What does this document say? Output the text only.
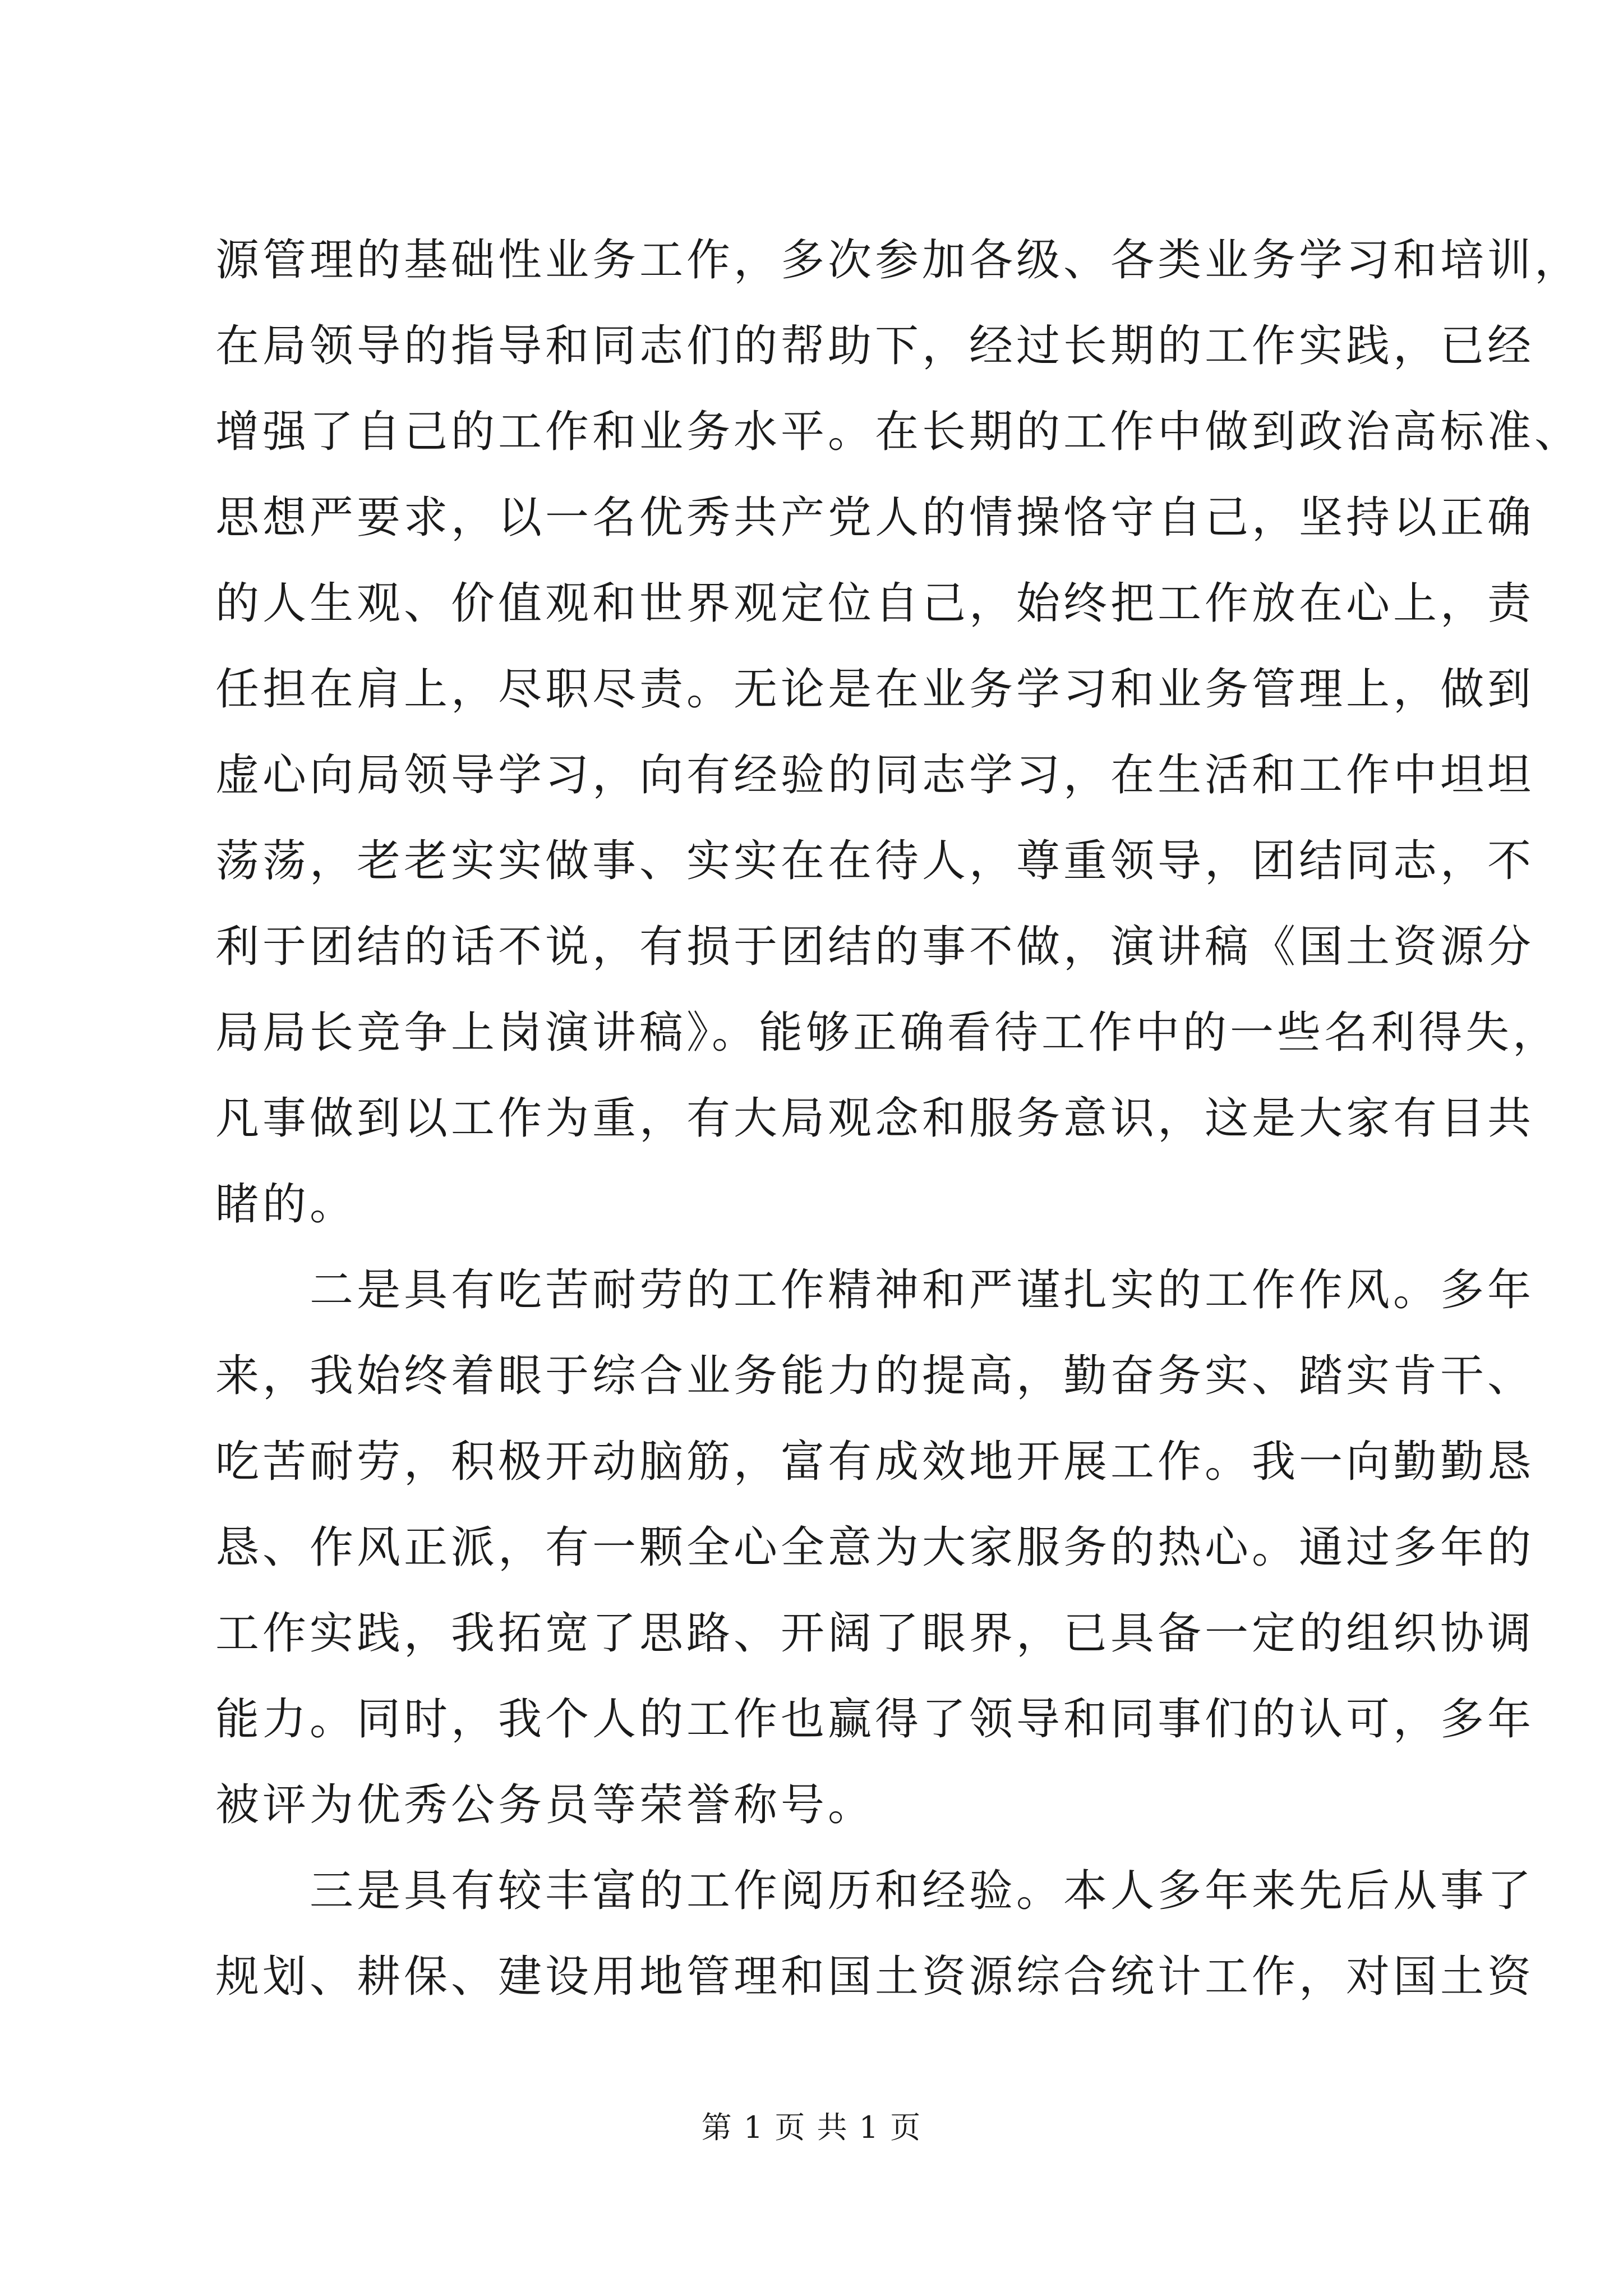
源管理的基础性业务工作，多次参加各级、各类业务学习和培训，
在局领导的指导和同志们的帮助下，经过长期的工作实践，已经
增强了自己的工作和业务水平。在长期的工作中做到政治高标准、
思想严要求，以一名优秀共产党人的情操恪守自己，坚持以正确
的人生观、价值观和世界观定位自己，始终把工作放在心上，责
任担在肩上，尽职尽责。无论是在业务学习和业务管理上，做到
虚心向局领导学习，向有经验的同志学习，在生活和工作中坦坦
荡荡，老老实实做事、实实在在待人，尊重领导，团结同志，不
利于团结的话不说，有损于团结的事不做，演讲稿《国土资源分
局局长竞争上岗演讲稿》。能够正确看待工作中的一些名利得失，
凡事做到以工作为重，有大局观念和服务意识，这是大家有目共
睹的。
　　二是具有吃苦耐劳的工作精神和严谨扎实的工作作风。多年
来，我始终着眼于综合业务能力的提高，勤奋务实、踏实肯干、
吃苦耐劳，积极开动脑筋，富有成效地开展工作。我一向勤勤恳
恳、作风正派，有一颗全心全意为大家服务的热心。通过多年的
工作实践，我拓宽了思路、开阔了眼界，已具备一定的组织协调
能力。同时，我个人的工作也赢得了领导和同事们的认可，多年
被评为优秀公务员等荣誉称号。
　　三是具有较丰富的工作阅历和经验。本人多年来先后从事了
规划、耕保、建设用地管理和国土资源综合统计工作，对国土资
第 1 页 共 1 页
